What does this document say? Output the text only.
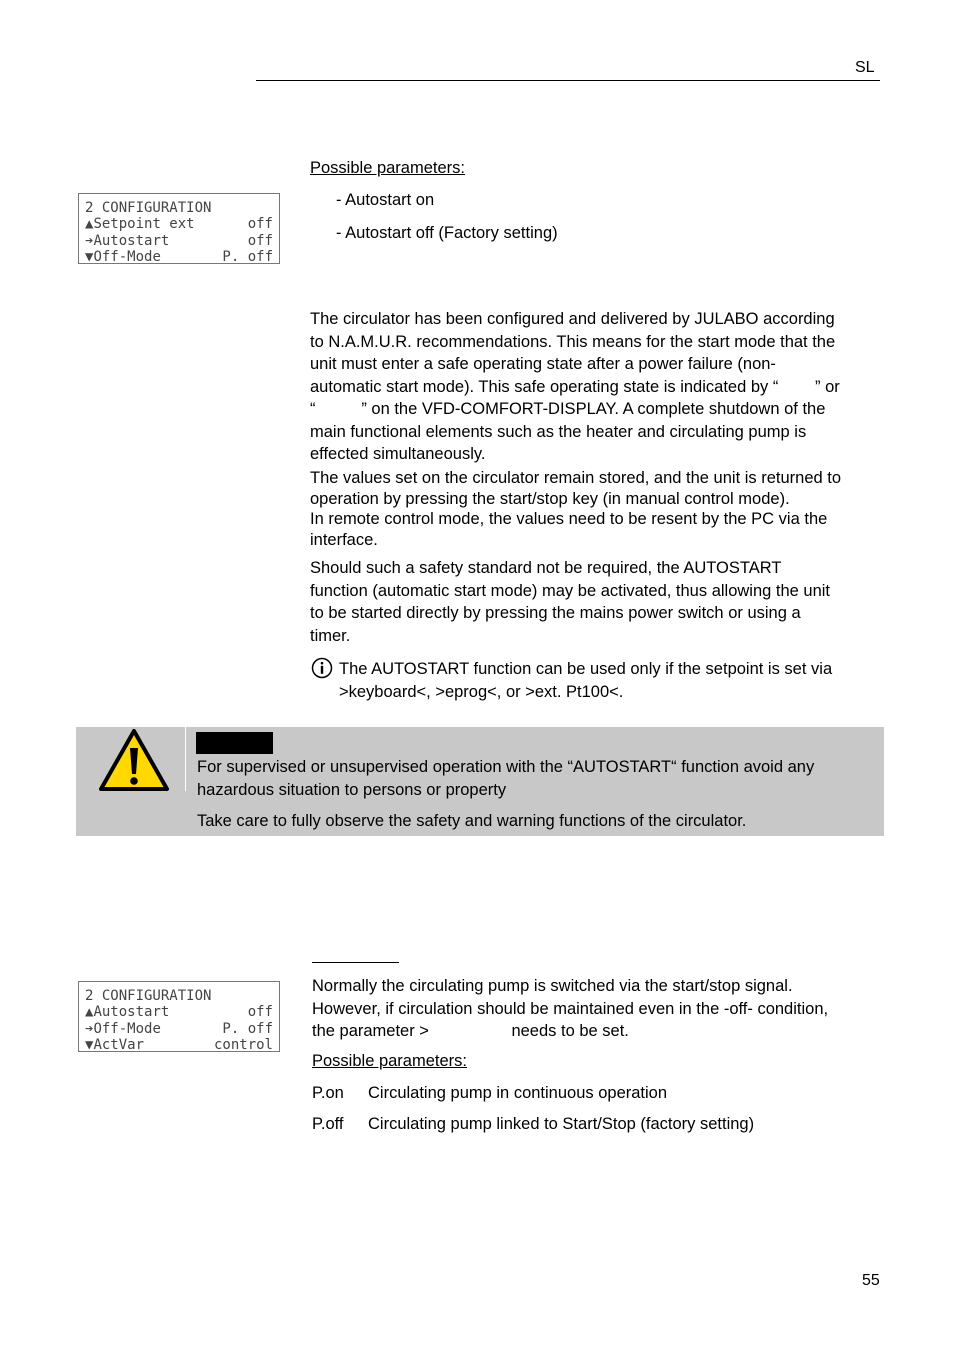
SL
2 CONFIGURATION
▲Setpoint ext	off
➔Autostart	off
▼Off-Mode	P. off
Possible parameters:
- Autostart on
- Autostart off (Factory setting)
The circulator has been configured and delivered by JULABO according
to N.A.M.U.R. recommendations. This means for the start mode that the
unit must enter a safe operating state after a power failure (non-
automatic start mode). This safe operating state is indicated by “        ” or
“          ” on the VFD-COMFORT-DISPLAY. A complete shutdown of the
main functional elements such as the heater and circulating pump is
effected simultaneously.
The values set on the circulator remain stored, and the unit is returned to
operation by pressing the start/stop key (in manual control mode).
In remote control mode, the values need to be resent by the PC via the
interface.
Should such a safety standard not be required, the AUTOSTART
function (automatic start mode) may be activated, thus allowing the unit
to be started directly by pressing the mains power switch or using a
timer.
The AUTOSTART function can be used only if the setpoint is set via
>keyboard<, >eprog<, or >ext. Pt100<.
For supervised or unsupervised operation with the “AUTOSTART“ function avoid any
hazardous situation to persons or property
Take care to fully observe the safety and warning functions of the circulator.
2 CONFIGURATION
▲Autostart	off
➔Off-Mode	P. off
▼ActVar	control
Normally the circulating pump is switched via the start/stop signal.
However, if circulation should be maintained even in the -off- condition,
the parameter >                  needs to be set.
Possible parameters:
P.on	Circulating pump in continuous operation
P.off	Circulating pump linked to Start/Stop (factory setting)
55
